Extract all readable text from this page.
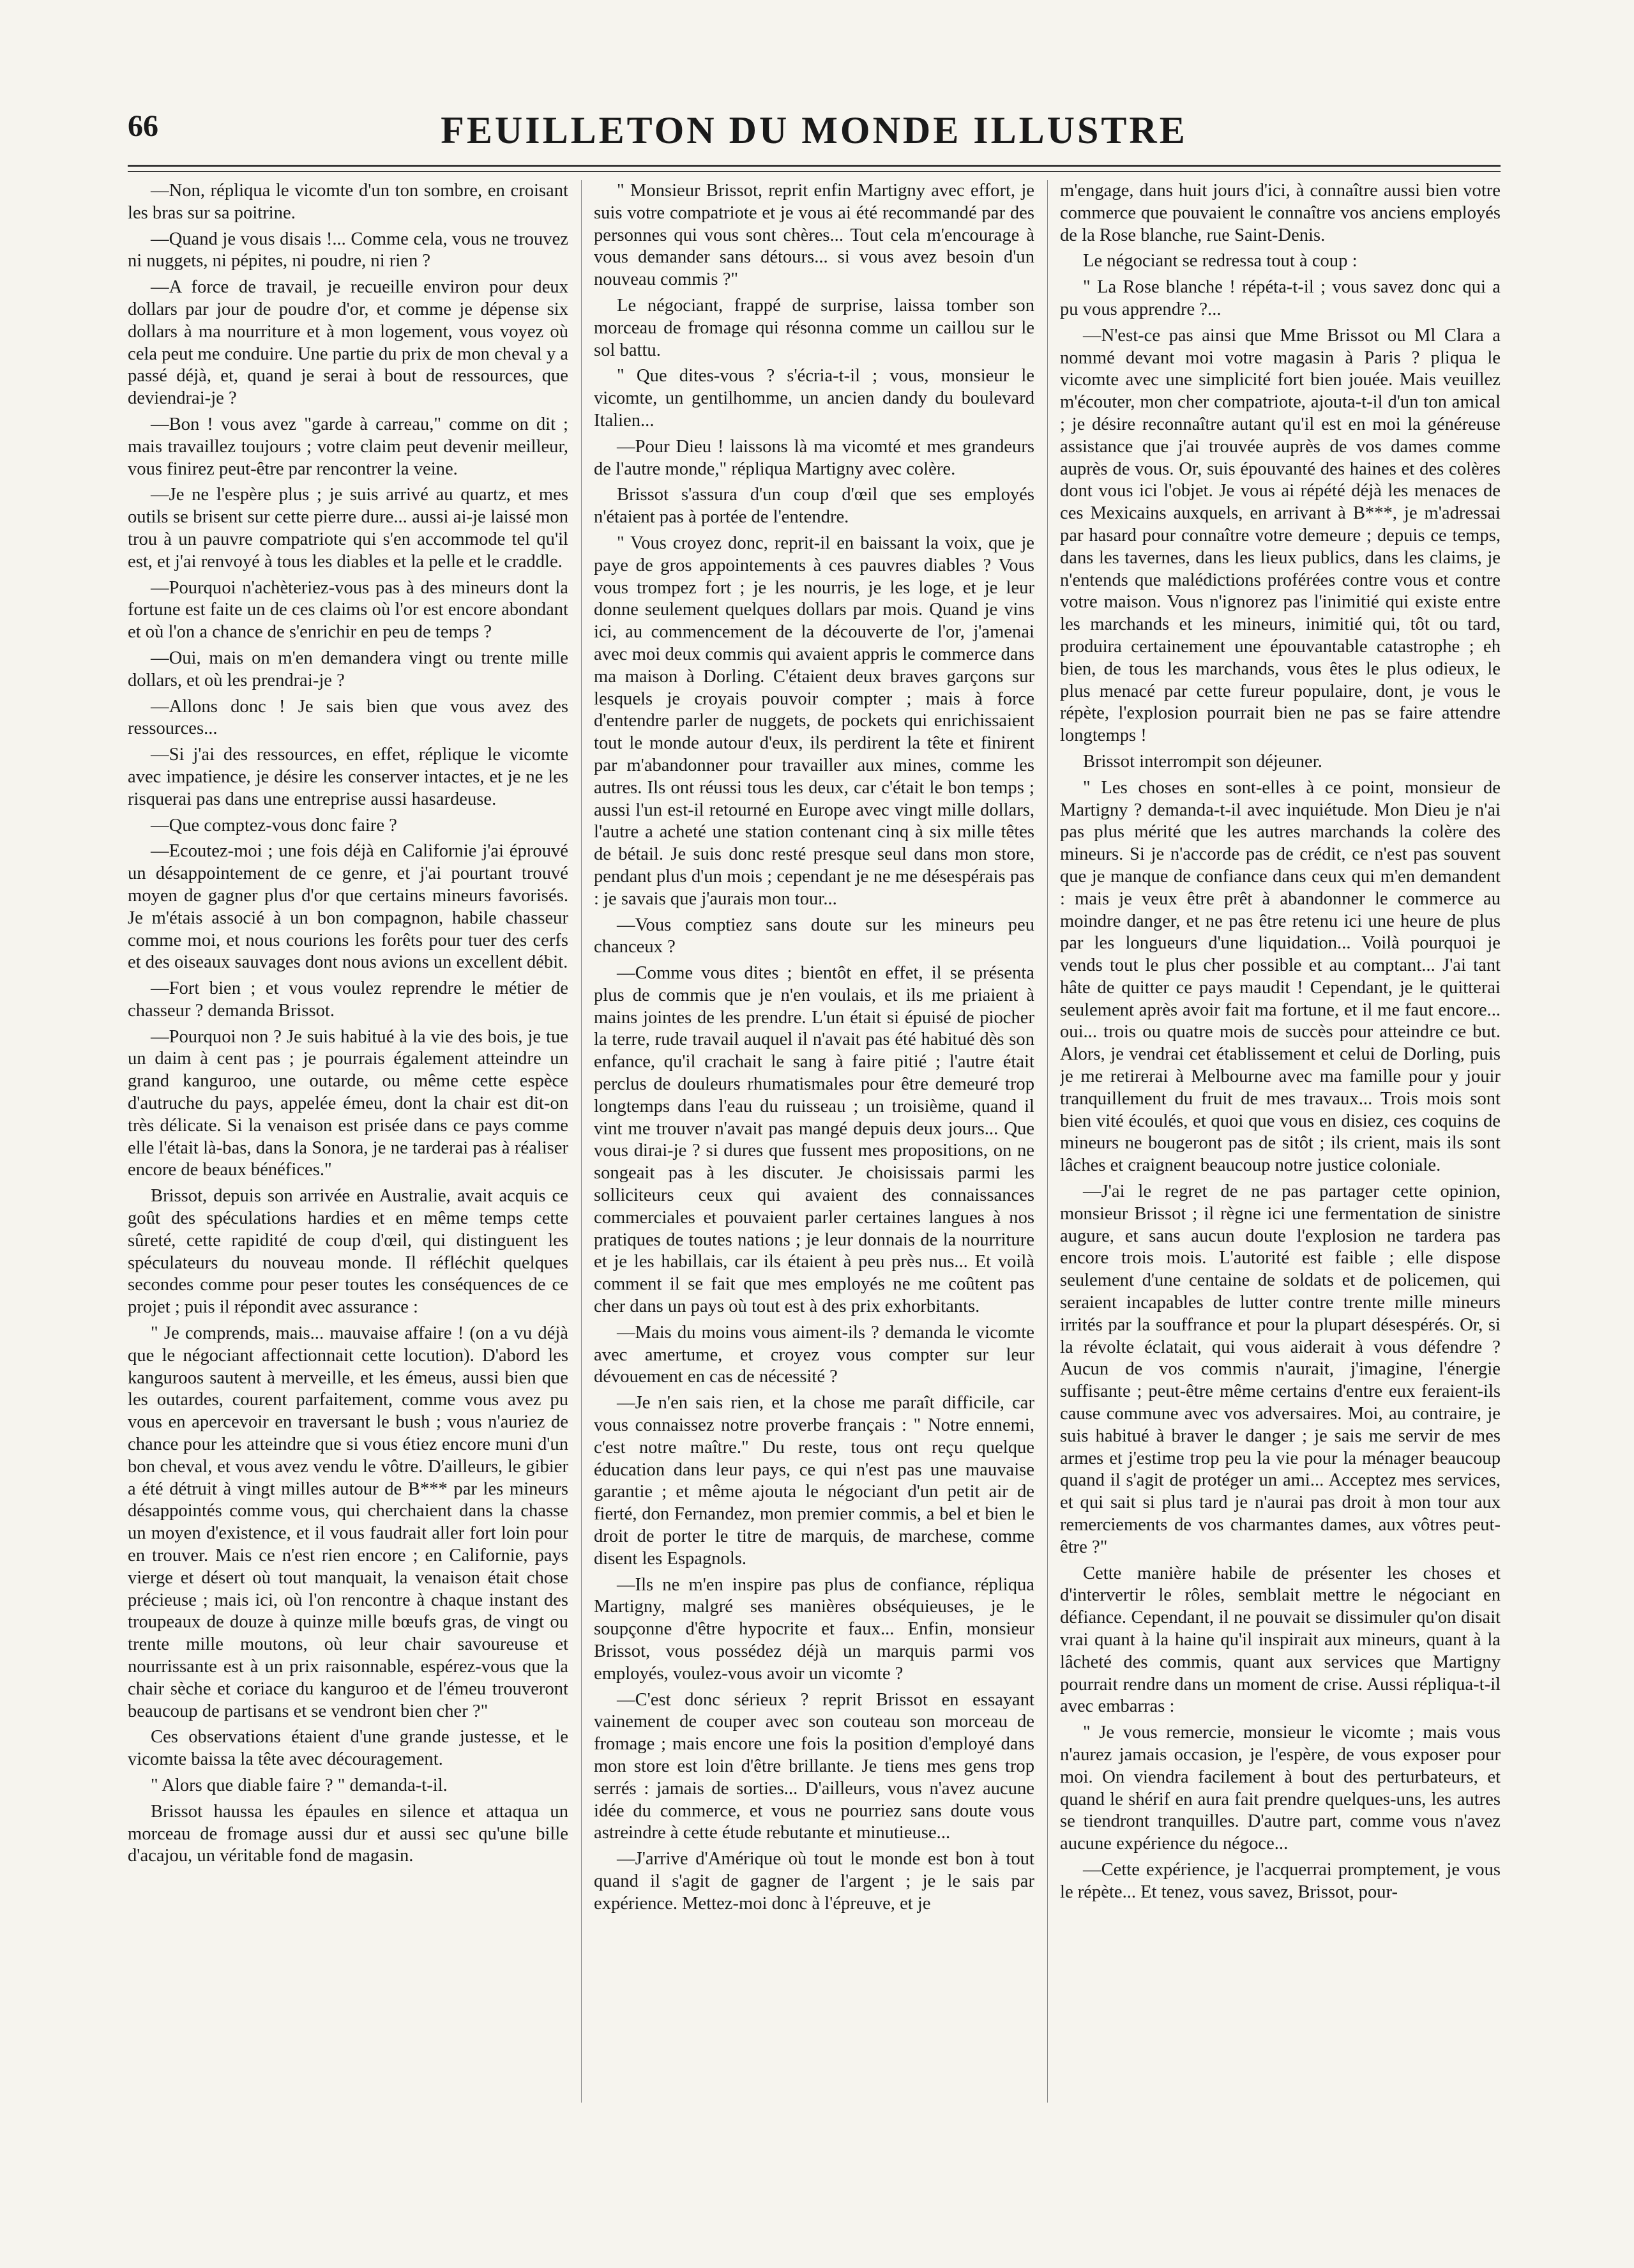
66	FEUILLETON DU MONDE ILLUSTRE

—Non, répliqua le vicomte d'un ton sombre, en croisant les bras sur sa poitrine.

—Quand je vous disais !... Comme cela, vous ne trouvez ni nuggets, ni pépites, ni poudre, ni rien ?

—A force de travail, je recueille environ pour deux dollars par jour de poudre d'or, et comme je dépense six dollars à ma nourriture et à mon logement, vous voyez où cela peut me conduire. Une partie du prix de mon cheval y a passé déjà, et, quand je serai à bout de ressources, que deviendrai-je ?

—Bon ! vous avez "garde à carreau," comme on dit ; mais travaillez toujours ; votre claim peut devenir meilleur, vous finirez peut-être par rencontrer la veine.

—Je ne l'espère plus ; je suis arrivé au quartz, et mes outils se brisent sur cette pierre dure... aussi ai-je laissé mon trou à un pauvre compatriote qui s'en accommode tel qu'il est, et j'ai renvoyé à tous les diables et la pelle et le craddle.

—Pourquoi n'achèteriez-vous pas à des mineurs dont la fortune est faite un de ces claims où l'or est encore abondant et où l'on a chance de s'enrichir en peu de temps ?

—Oui, mais on m'en demandera vingt ou trente mille dollars, et où les prendrai-je ?

—Allons donc ! Je sais bien que vous avez des ressources...

—Si j'ai des ressources, en effet, réplique le vicomte avec impatience, je désire les conserver intactes, et je ne les risquerai pas dans une entreprise aussi hasardeuse.

—Que comptez-vous donc faire ?

—Ecoutez-moi ; une fois déjà en Californie j'ai éprouvé un désappointement de ce genre, et j'ai pourtant trouvé moyen de gagner plus d'or que certains mineurs favorisés. Je m'étais associé à un bon compagnon, habile chasseur comme moi, et nous courions les forêts pour tuer des cerfs et des oiseaux sauvages dont nous avions un excellent débit.

—Fort bien ; et vous voulez reprendre le métier de chasseur ? demanda Brissot.

—Pourquoi non ? Je suis habitué à la vie des bois, je tue un daim à cent pas ; je pourrais également atteindre un grand kanguroo, une outarde, ou même cette espèce d'autruche du pays, appelée émeu, dont la chair est dit-on très délicate. Si la venaison est prisée dans ce pays comme elle l'était là-bas, dans la Sonora, je ne tarderai pas à réaliser encore de beaux bénéfices."

Brissot, depuis son arrivée en Australie, avait acquis ce goût des spéculations hardies et en même temps cette sûreté, cette rapidité de coup d'œil, qui distinguent les spéculateurs du nouveau monde. Il réfléchit quelques secondes comme pour peser toutes les conséquences de ce projet ; puis il répondit avec assurance :

" Je comprends, mais... mauvaise affaire ! (on a vu déjà que le négociant affectionnait cette locution). D'abord les kanguroos sautent à merveille, et les émeus, aussi bien que les outardes, courent parfaitement, comme vous avez pu vous en apercevoir en traversant le bush ; vous n'auriez de chance pour les atteindre que si vous étiez encore muni d'un bon cheval, et vous avez vendu le vôtre. D'ailleurs, le gibier a été détruit à vingt milles autour de B*** par les mineurs désappointés comme vous, qui cherchaient dans la chasse un moyen d'existence, et il vous faudrait aller fort loin pour en trouver. Mais ce n'est rien encore ; en Californie, pays vierge et désert où tout manquait, la venaison était chose précieuse ; mais ici, où l'on rencontre à chaque instant des troupeaux de douze à quinze mille bœufs gras, de vingt ou trente mille moutons, où leur chair savoureuse et nourrissante est à un prix raisonnable, espérez-vous que la chair sèche et coriace du kanguroo et de l'émeu trouveront beaucoup de partisans et se vendront bien cher ?"

Ces observations étaient d'une grande justesse, et le vicomte baissa la tête avec découragement.

" Alors que diable faire ? " demanda-t-il.

Brissot haussa les épaules en silence et attaqua un morceau de fromage aussi dur et aussi sec qu'une bille d'acajou, un véritable fond de magasin.

" Monsieur Brissot, reprit enfin Martigny avec effort, je suis votre compatriote et je vous ai été recommandé par des personnes qui vous sont chères... Tout cela m'encourage à vous demander sans détours... si vous avez besoin d'un nouveau commis ?"

Le négociant, frappé de surprise, laissa tomber son morceau de fromage qui résonna comme un caillou sur le sol battu.

" Que dites-vous ? s'écria-t-il ; vous, monsieur le vicomte, un gentilhomme, un ancien dandy du boulevard Italien...

—Pour Dieu ! laissons là ma vicomté et mes grandeurs de l'autre monde," répliqua Martigny avec colère.

Brissot s'assura d'un coup d'œil que ses employés n'étaient pas à portée de l'entendre.

" Vous croyez donc, reprit-il en baissant la voix, que je paye de gros appointements à ces pauvres diables ? Vous vous trompez fort ; je les nourris, je les loge, et je leur donne seulement quelques dollars par mois. Quand je vins ici, au commencement de la découverte de l'or, j'amenai avec moi deux commis qui avaient appris le commerce dans ma maison à Dorling. C'étaient deux braves garçons sur lesquels je croyais pouvoir compter ; mais à force d'entendre parler de nuggets, de pockets qui enrichissaient tout le monde autour d'eux, ils perdirent la tête et finirent par m'abandonner pour travailler aux mines, comme les autres. Ils ont réussi tous les deux, car c'était le bon temps ; aussi l'un est-il retourné en Europe avec vingt mille dollars, l'autre a acheté une station contenant cinq à six mille têtes de bétail. Je suis donc resté presque seul dans mon store, pendant plus d'un mois ; cependant je ne me désespérais pas : je savais que j'aurais mon tour...

—Vous comptiez sans doute sur les mineurs peu chanceux ?

—Comme vous dites ; bientôt en effet, il se présenta plus de commis que je n'en voulais, et ils me priaient à mains jointes de les prendre. L'un était si épuisé de piocher la terre, rude travail auquel il n'avait pas été habitué dès son enfance, qu'il crachait le sang à faire pitié ; l'autre était perclus de douleurs rhumatismales pour être demeuré trop longtemps dans l'eau du ruisseau ; un troisième, quand il vint me trouver n'avait pas mangé depuis deux jours... Que vous dirai-je ? si dures que fussent mes propositions, on ne songeait pas à les discuter. Je choisissais parmi les solliciteurs ceux qui avaient des connaissances commerciales et pouvaient parler certaines langues à nos pratiques de toutes nations ; je leur donnais de la nourriture et je les habillais, car ils étaient à peu près nus... Et voilà comment il se fait que mes employés ne me coûtent pas cher dans un pays où tout est à des prix exhorbitants.

—Mais du moins vous aiment-ils ? demanda le vicomte avec amertume, et croyez vous compter sur leur dévouement en cas de nécessité ?

—Je n'en sais rien, et la chose me paraît difficile, car vous connaissez notre proverbe français : " Notre ennemi, c'est notre maître." Du reste, tous ont reçu quelque éducation dans leur pays, ce qui n'est pas une mauvaise garantie ; et même ajouta le négociant d'un petit air de fierté, don Fernandez, mon premier commis, a bel et bien le droit de porter le titre de marquis, de marchese, comme disent les Espagnols.

—Ils ne m'en inspire pas plus de confiance, répliqua Martigny, malgré ses manières obséquieuses, je le soupçonne d'être hypocrite et faux... Enfin, monsieur Brissot, vous possédez déjà un marquis parmi vos employés, voulez-vous avoir un vicomte ?

—C'est donc sérieux ? reprit Brissot en essayant vainement de couper avec son couteau son morceau de fromage ; mais encore une fois la position d'employé dans mon store est loin d'être brillante. Je tiens mes gens trop serrés : jamais de sorties... D'ailleurs, vous n'avez aucune idée du commerce, et vous ne pourriez sans doute vous astreindre à cette étude rebutante et minutieuse...

—J'arrive d'Amérique où tout le monde est bon à tout quand il s'agit de gagner de l'argent ; je le sais par expérience. Mettez-moi donc à l'épreuve, et je

m'engage, dans huit jours d'ici, à connaître aussi bien votre commerce que pouvaient le connaître vos anciens employés de la Rose blanche, rue Saint-Denis.

Le négociant se redressa tout à coup :

" La Rose blanche ! répéta-t-il ; vous savez donc qui a pu vous apprendre ?...

—N'est-ce pas ainsi que Mme Brissot ou Ml Clara a nommé devant moi votre magasin à Paris ? pliqua le vicomte avec une simplicité fort bien jouée. Mais veuillez m'écouter, mon cher compatriote, ajouta-t-il d'un ton amical ; je désire reconnaître autant qu'il est en moi la généreuse assistance que j'ai trouvée auprès de vos dames comme auprès de vous. Or, suis épouvanté des haines et des colères dont vous ici l'objet. Je vous ai répété déjà les menaces de ces Mexicains auxquels, en arrivant à B***, je m'adressai par hasard pour connaître votre demeure ; depuis ce temps, dans les tavernes, dans les lieux publics, dans les claims, je n'entends que malédictions proférées contre vous et contre votre maison. Vous n'ignorez pas l'inimitié qui existe entre les marchands et les mineurs, inimitié qui, tôt ou tard, produira certainement une épouvantable catastrophe ; eh bien, de tous les marchands, vous êtes le plus odieux, le plus menacé par cette fureur populaire, dont, je vous le répète, l'explosion pourrait bien ne pas se faire attendre longtemps !

Brissot interrompit son déjeuner.

" Les choses en sont-elles à ce point, monsieur de Martigny ? demanda-t-il avec inquiétude. Mon Dieu je n'ai pas plus mérité que les autres marchands la colère des mineurs. Si je n'accorde pas de crédit, ce n'est pas souvent que je manque de confiance dans ceux qui m'en demandent : mais je veux être prêt à abandonner le commerce au moindre danger, et ne pas être retenu ici une heure de plus par les longueurs d'une liquidation... Voilà pourquoi je vends tout le plus cher possible et au comptant... J'ai tant hâte de quitter ce pays maudit ! Cependant, je le quitterai seulement après avoir fait ma fortune, et il me faut encore... oui... trois ou quatre mois de succès pour atteindre ce but. Alors, je vendrai cet établissement et celui de Dorling, puis je me retirerai à Melbourne avec ma famille pour y jouir tranquillement du fruit de mes travaux... Trois mois sont bien vité écoulés, et quoi que vous en disiez, ces coquins de mineurs ne bougeront pas de sitôt ; ils crient, mais ils sont lâches et craignent beaucoup notre justice coloniale.

—J'ai le regret de ne pas partager cette opinion, monsieur Brissot ; il règne ici une fermentation de sinistre augure, et sans aucun doute l'explosion ne tardera pas encore trois mois. L'autorité est faible ; elle dispose seulement d'une centaine de soldats et de policemen, qui seraient incapables de lutter contre trente mille mineurs irrités par la souffrance et pour la plupart désespérés. Or, si la révolte éclatait, qui vous aiderait à vous défendre ? Aucun de vos commis n'aurait, j'imagine, l'énergie suffisante ; peut-être même certains d'entre eux feraient-ils cause commune avec vos adversaires. Moi, au contraire, je suis habitué à braver le danger ; je sais me servir de mes armes et j'estime trop peu la vie pour la ménager beaucoup quand il s'agit de protéger un ami... Acceptez mes services, et qui sait si plus tard je n'aurai pas droit à mon tour aux remerciements de vos charmantes dames, aux vôtres peut-être ?"

Cette manière habile de présenter les choses et d'intervertir le rôles, semblait mettre le négociant en défiance. Cependant, il ne pouvait se dissimuler qu'on disait vrai quant à la haine qu'il inspirait aux mineurs, quant à la lâcheté des commis, quant aux services que Martigny pourrait rendre dans un moment de crise. Aussi répliqua-t-il avec embarras :

" Je vous remercie, monsieur le vicomte ; mais vous n'aurez jamais occasion, je l'espère, de vous exposer pour moi. On viendra facilement à bout des perturbateurs, et quand le shérif en aura fait prendre quelques-uns, les autres se tiendront tranquilles. D'autre part, comme vous n'avez aucune expérience du négoce...

—Cette expérience, je l'acquerrai promptement, je vous le répète... Et tenez, vous savez, Brissot, pour-
